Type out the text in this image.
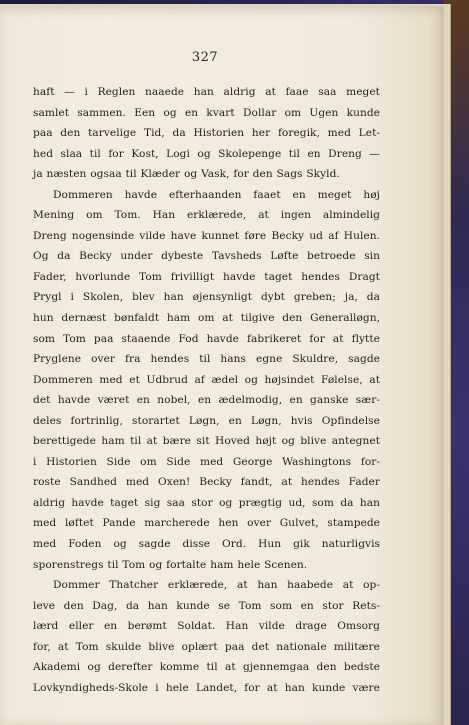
327
haft — i Reglen naaede han aldrig at faae saa meget
samlet sammen. Een og en kvart Dollar om Ugen kunde
paa den tarvelige Tid, da Historien her foregik, med Let-
hed slaa til for Kost, Logi og Skolepenge til en Dreng —
ja næsten ogsaa til Klæder og Vask, for den Sags Skyld.
Dommeren havde efterhaanden faaet en meget høj
Mening om Tom. Han erklærede, at ingen almindelig
Dreng nogensinde vilde have kunnet føre Becky ud af Hulen.
Og da Becky under dybeste Tavsheds Løfte betroede sin
Fader, hvorlunde Tom frivilligt havde taget hendes Dragt
Prygl i Skolen, blev han øjensynligt dybt greben; ja, da
hun dernæst bønfaldt ham om at tilgive den Generalløgn,
som Tom paa staaende Fod havde fabrikeret for at flytte
Pryglene over fra hendes til hans egne Skuldre, sagde
Dommeren med et Udbrud af ædel og højsindet Følelse, at
det havde været en nobel, en ædelmodig, en ganske sær-
deles fortrinlig, storartet Løgn, en Løgn, hvis Opfindelse
berettigede ham til at bære sit Hoved højt og blive antegnet
i Historien Side om Side med George Washingtons for-
roste Sandhed med Oxen! Becky fandt, at hendes Fader
aldrig havde taget sig saa stor og prægtig ud, som da han
med løftet Pande marcherede hen over Gulvet, stampede
med Foden og sagde disse Ord. Hun gik naturligvis
sporenstregs til Tom og fortalte ham hele Scenen.
Dommer Thatcher erklærede, at han haabede at op-
leve den Dag, da han kunde se Tom som en stor Rets-
lærd eller en berømt Soldat. Han vilde drage Omsorg
for, at Tom skulde blive oplært paa det nationale militære
Akademi og derefter komme til at gjennemgaa den bedste
Lovkyndigheds-Skole i hele Landet, for at han kunde være
